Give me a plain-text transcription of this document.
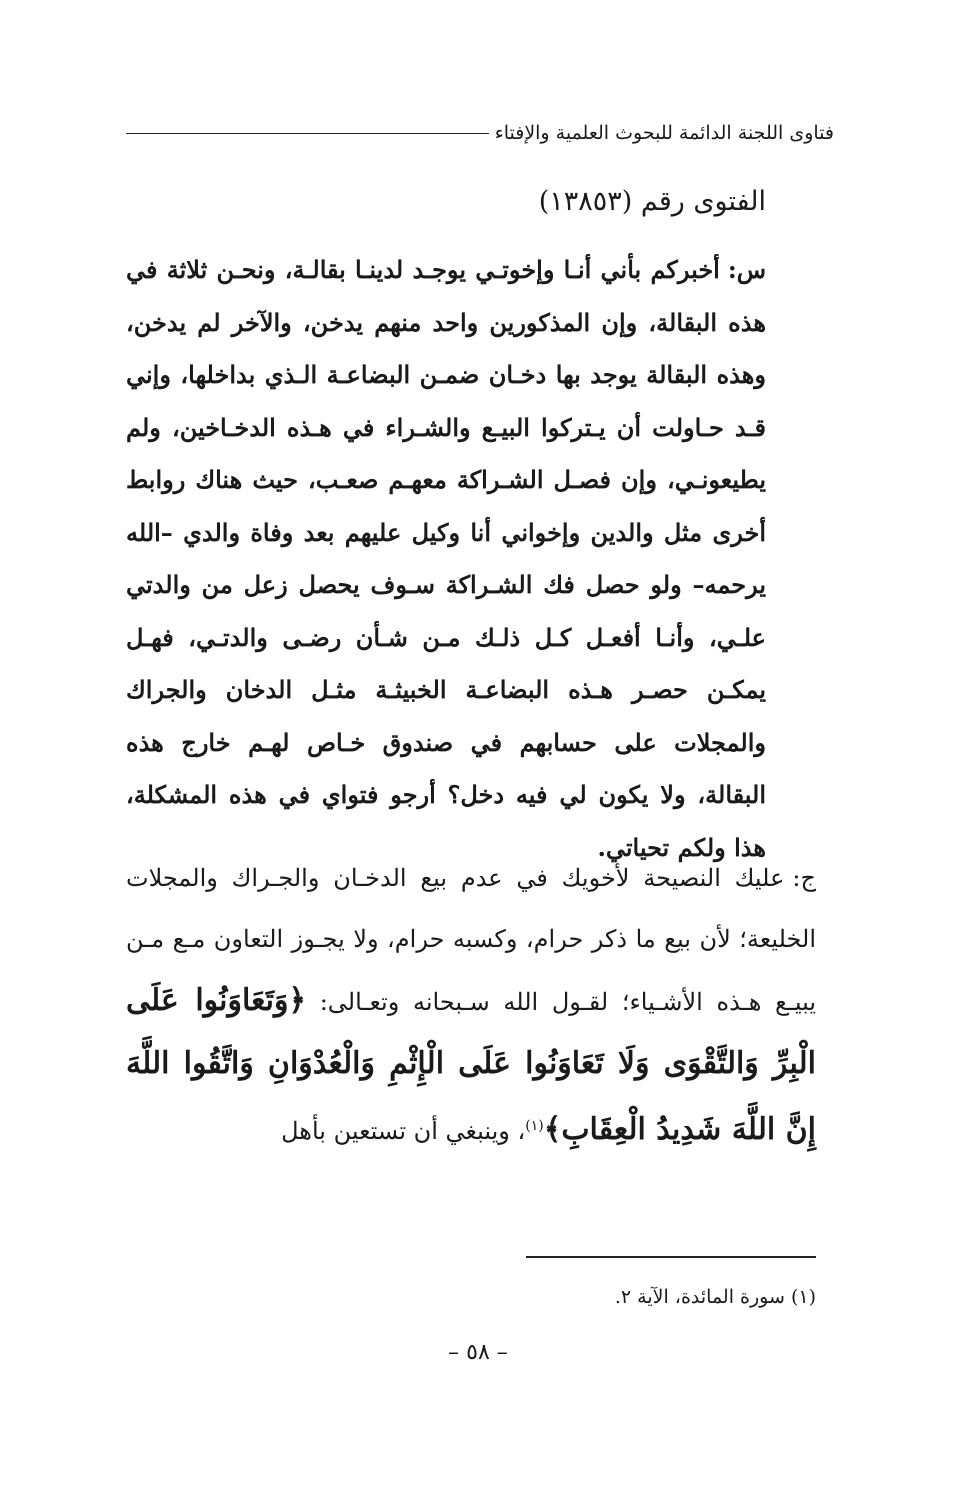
فتاوى اللجنة الدائمة للبحوث العلمية والإفتاء
الفتوى رقم (١٣٨٥٣)
س:أخبركم بأني أنـا وإخوتـي يوجـد لدينـا بقالـة، ونحـن ثلاثة في هذه البقالة، وإن المذكورين واحد منهم يدخن، والآخر لم يدخن، وهذه البقالة يوجد بها دخـان ضمـن البضاعـة الـذي بداخلها، وإني قـد حـاولت أن يـتركوا البيـع والشـراء في هـذه الدخـاخين، ولم يطيعونـي، وإن فصـل الشـراكة معهـم صعـب، حيث هناك روابط أخرى مثل والدين وإخواني أنا وكيل عليهم بعد وفاة والدي –الله يرحمه– ولو حصل فك الشـراكة سـوف يحصل زعل من والدتي علـي، وأنـا أفعـل كـل ذلـك مـن شـأن رضـى والدتـي، فهـل يمكـن حصـر هـذه البضاعـة الخبيثـة مثـل الدخان والجراك والمجلات على حسابهم في صندوق خـاص لهـم خارج هذه البقالة، ولا يكون لي فيه دخل؟ أرجو فتواي في هذه المشكلة، هذا ولكم تحياتي.
ج:عليك النصيحة لأخويك في عدم بيع الدخـان والجـراك والمجلات الخليعة؛ لأن بيع ما ذكر حرام، وكسبه حرام، ولا يجـوز التعاون مـع مـن يبيـع هـذه الأشـياء؛ لقـول الله سـبحانه وتعـالى: ﴿وَتَعَاوَنُوا عَلَى الْبِرِّ وَالتَّقْوَى وَلَا تَعَاوَنُوا عَلَى الْإِثْمِ وَالْعُدْوَانِ وَاتَّقُوا اللَّهَ إِنَّ اللَّهَ شَدِيدُ الْعِقَابِ﴾$^{(١)}$، وينبغي أن تستعين بأهل
(١) سورة المائدة، الآية ٢.
– ٥٨ –
